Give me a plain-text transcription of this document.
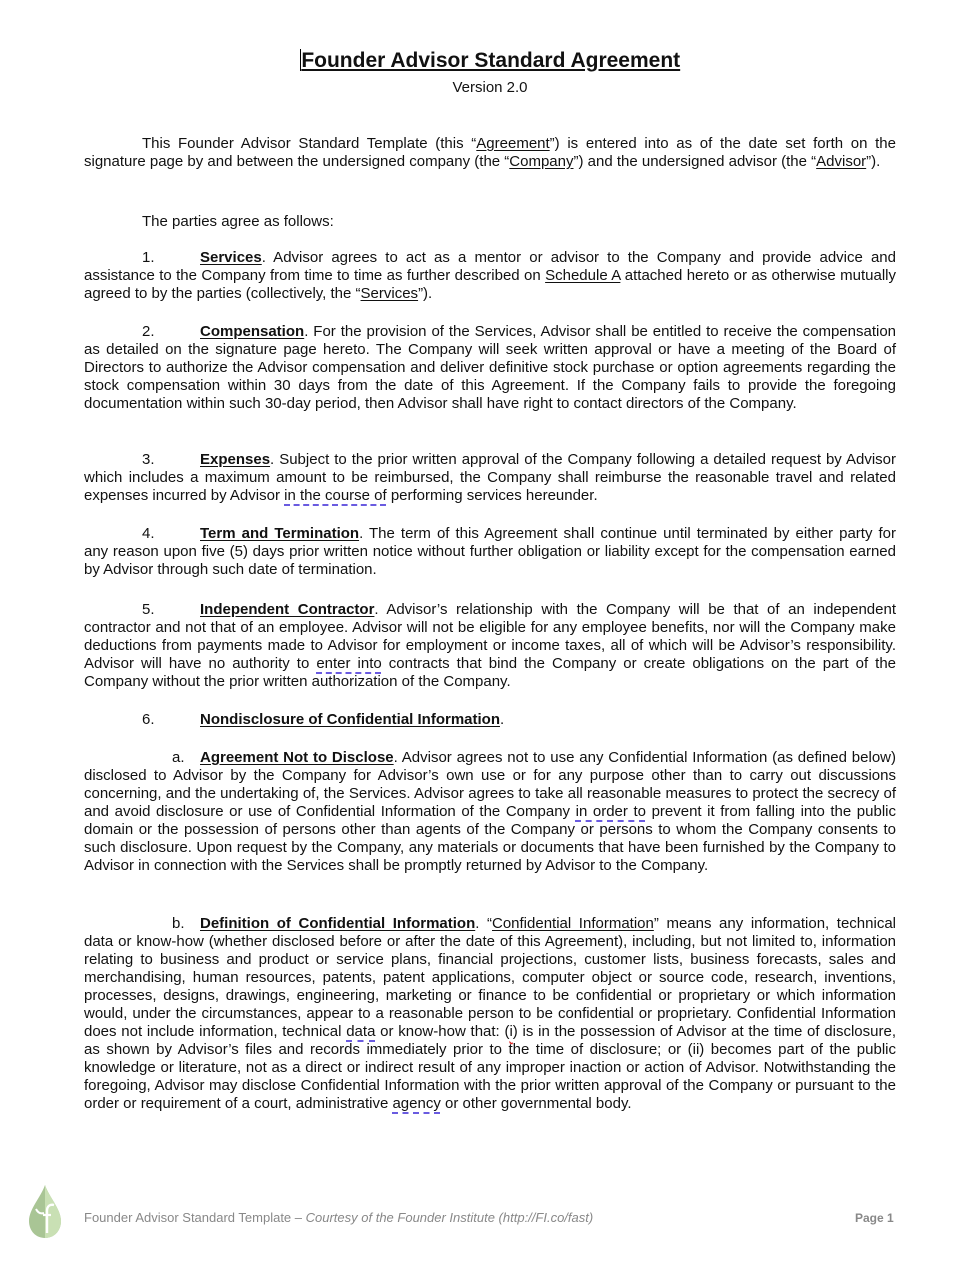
Founder Advisor Standard Agreement
Version 2.0

This Founder Advisor Standard Template (this “Agreement”) is entered into as of the date set forth on the signature page by and between the undersigned company (the “Company”) and the undersigned advisor (the “Advisor”).

The parties agree as follows:

1.	Services. Advisor agrees to act as a mentor or advisor to the Company and provide advice and assistance to the Company from time to time as further described on Schedule A attached hereto or as otherwise mutually agreed to by the parties (collectively, the “Services”).

2.	Compensation. For the provision of the Services, Advisor shall be entitled to receive the compensation as detailed on the signature page hereto. The Company will seek written approval or have a meeting of the Board of Directors to authorize the Advisor compensation and deliver definitive stock purchase or option agreements regarding the stock compensation within 30 days from the date of this Agreement. If the Company fails to provide the foregoing documentation within such 30-day period, then Advisor shall have right to contact directors of the Company.

3.	Expenses. Subject to the prior written approval of the Company following a detailed request by Advisor which includes a maximum amount to be reimbursed, the Company shall reimburse the reasonable travel and related expenses incurred by Advisor in the course of performing services hereunder.

4.	Term and Termination. The term of this Agreement shall continue until terminated by either party for any reason upon five (5) days prior written notice without further obligation or liability except for the compensation earned by Advisor through such date of termination.

5.	Independent Contractor. Advisor’s relationship with the Company will be that of an independent contractor and not that of an employee. Advisor will not be eligible for any employee benefits, nor will the Company make deductions from payments made to Advisor for employment or income taxes, all of which will be Advisor’s responsibility. Advisor will have no authority to enter into contracts that bind the Company or create obligations on the part of the Company without the prior written authorization of the Company.

6.	Nondisclosure of Confidential Information.

a. Agreement Not to Disclose. Advisor agrees not to use any Confidential Information (as defined below) disclosed to Advisor by the Company for Advisor’s own use or for any purpose other than to carry out discussions concerning, and the undertaking of, the Services. Advisor agrees to take all reasonable measures to protect the secrecy of and avoid disclosure or use of Confidential Information of the Company in order to prevent it from falling into the public domain or the possession of persons other than agents of the Company or persons to whom the Company consents to such disclosure. Upon request by the Company, any materials or documents that have been furnished by the Company to Advisor in connection with the Services shall be promptly returned by Advisor to the Company.

b. Definition of Confidential Information. “Confidential Information” means any information, technical data or know-how (whether disclosed before or after the date of this Agreement), including, but not limited to, information relating to business and product or service plans, financial projections, customer lists, business forecasts, sales and merchandising, human resources, patents, patent applications, computer object or source code, research, inventions, processes, designs, drawings, engineering, marketing or finance to be confidential or proprietary or which information would, under the circumstances, appear to a reasonable person to be confidential or proprietary. Confidential Information does not include information, technical data or know-how that: (i) is in the possession of Advisor at the time of disclosure, as shown by Advisor’s files and records immediately prior to the time of disclosure; or (ii) becomes part of the public knowledge or literature, not as a direct or indirect result of any improper inaction or action of Advisor. Notwithstanding the foregoing, Advisor may disclose Confidential Information with the prior written approval of the Company or pursuant to the order or requirement of a court, administrative agency or other governmental body.

Founder Advisor Standard Template – Courtesy of the Founder Institute (http://FI.co/fast)	Page 1
